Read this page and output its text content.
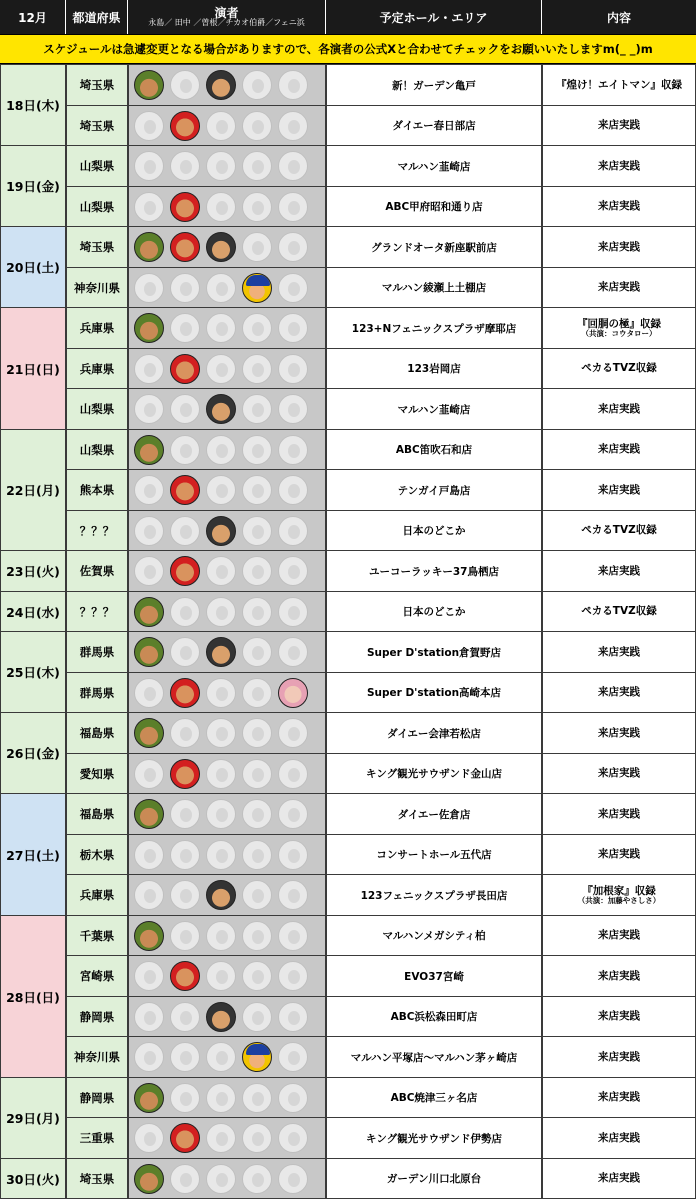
12月	都道府県	演者
永島／ 田中 ／曽根／チカオ伯爵／フェニ浜	予定ホール・エリア	内容
スケジュールは急遽変更となる場合がありますので、各演者の公式Xと合わせてチェックをお願いいたしますm(_ _)m
18日(木)
埼玉県	新！ガーデン亀戸	『煌け！エイトマン』収録
埼玉県	ダイエー春日部店	来店実践
19日(金)
山梨県	マルハン韮崎店	来店実践
山梨県	ABC甲府昭和通り店	来店実践
20日(土)
埼玉県	グランドオータ新座駅前店	来店実践
神奈川県	マルハン綾瀬上土棚店	来店実践
21日(日)
兵庫県	123+Nフェニックスプラザ摩耶店	『回胴の極』収録
（共演：コウタロー）
兵庫県	123岩岡店	ペカるTVZ収録
山梨県	マルハン韮崎店	来店実践
22日(月)
山梨県	ABC笛吹石和店	来店実践
熊本県	テンガイ戸島店	来店実践
？？？	日本のどこか	ペカるTVZ収録
23日(火)	佐賀県	ユーコーラッキー37鳥栖店	来店実践
24日(水)	？？？	日本のどこか	ペカるTVZ収録
25日(木)
群馬県	Super D'station倉賀野店	来店実践
群馬県	Super D'station高崎本店	来店実践
26日(金)
福島県	ダイエー会津若松店	来店実践
愛知県	キング観光サウザンド金山店	来店実践
27日(土)
福島県	ダイエー佐倉店	来店実践
栃木県	コンサートホール五代店	来店実践
兵庫県	123フェニックスプラザ長田店	『加根家』収録
（共演：加藤やさしさ）
28日(日)
千葉県	マルハンメガシティ柏	来店実践
宮崎県	EVO37宮崎	来店実践
静岡県	ABC浜松森田町店	来店実践
神奈川県	マルハン平塚店〜マルハン茅ヶ崎店	来店実践
29日(月)
静岡県	ABC焼津三ヶ名店	来店実践
三重県	キング観光サウザンド伊勢店	来店実践
30日(火)	埼玉県	ガーデン川口北原台	来店実践
